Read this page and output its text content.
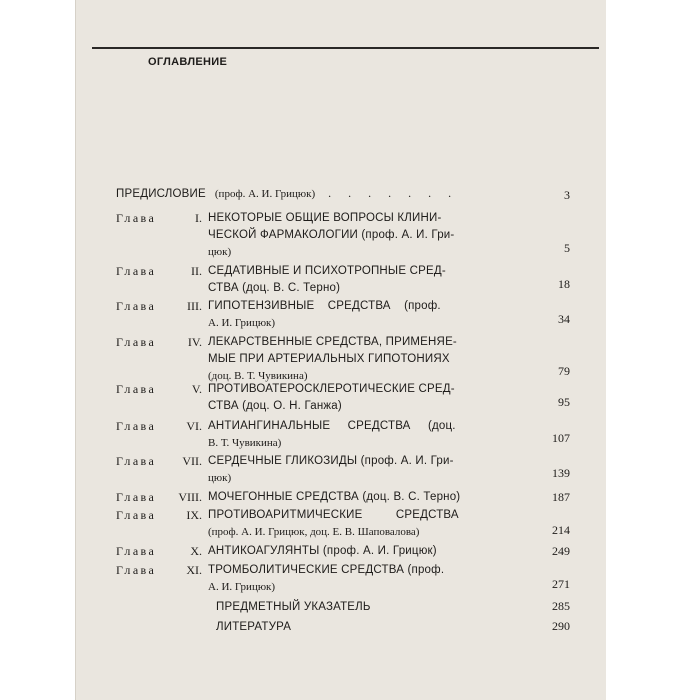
оглавление
ПРЕДИСЛОВИЕ (проф. А. И. Грицюк) . . . . . . .	3
Глава	I. НЕКОТОРЫЕ ОБЩИЕ ВОПРОСЫ КЛИНИ-
ЧЕСКОЙ ФАРМАКОЛОГИИ (проф. А. И. Гри-
цюк)	5
Глава	II. СЕДАТИВНЫЕ И ПСИХОТРОПНЫЕ СРЕД-
СТВА (доц. В. С. Терно)	18
Глава	III. ГИПОТЕНЗИВНЫЕ СРЕДСТВА (проф.
А. И. Грицюк)	34
Глава	IV. ЛЕКАРСТВЕННЫЕ СРЕДСТВА, ПРИМЕНЯЕ-
МЫЕ ПРИ АРТЕРИАЛЬНЫХ ГИПОТОНИЯХ
(доц. В. Т. Чувикина)	79
Глава	V. ПРОТИВОАТЕРОСКЛЕРОТИЧЕСКИЕ СРЕД-
СТВА (доц. О. Н. Ганжа)	95
Глава	VI. АНТИАНГИНАЛЬНЫЕ СРЕДСТВА (доц.
В. Т. Чувикина)	107
Глава	VII. СЕРДЕЧНЫЕ ГЛИКОЗИДЫ (проф. А. И. Гри-
цюк)	139
Глава	VIII. МОЧЕГОННЫЕ СРЕДСТВА (доц. В. С. Терно)	187
Глава	IX. ПРОТИВОАРИТМИЧЕСКИЕ СРЕДСТВА
(проф. А. И. Грицюк, доц. Е. В. Шаповалова)	214
Глава	X. АНТИКОАГУЛЯНТЫ (проф. А. И. Грицюк)	249
Глава	XI. ТРОМБОЛИТИЧЕСКИЕ СРЕДСТВА (проф.
А. И. Грицюк)	271
ПРЕДМЕТНЫЙ УКАЗАТЕЛЬ	285
ЛИТЕРАТУРА	290
